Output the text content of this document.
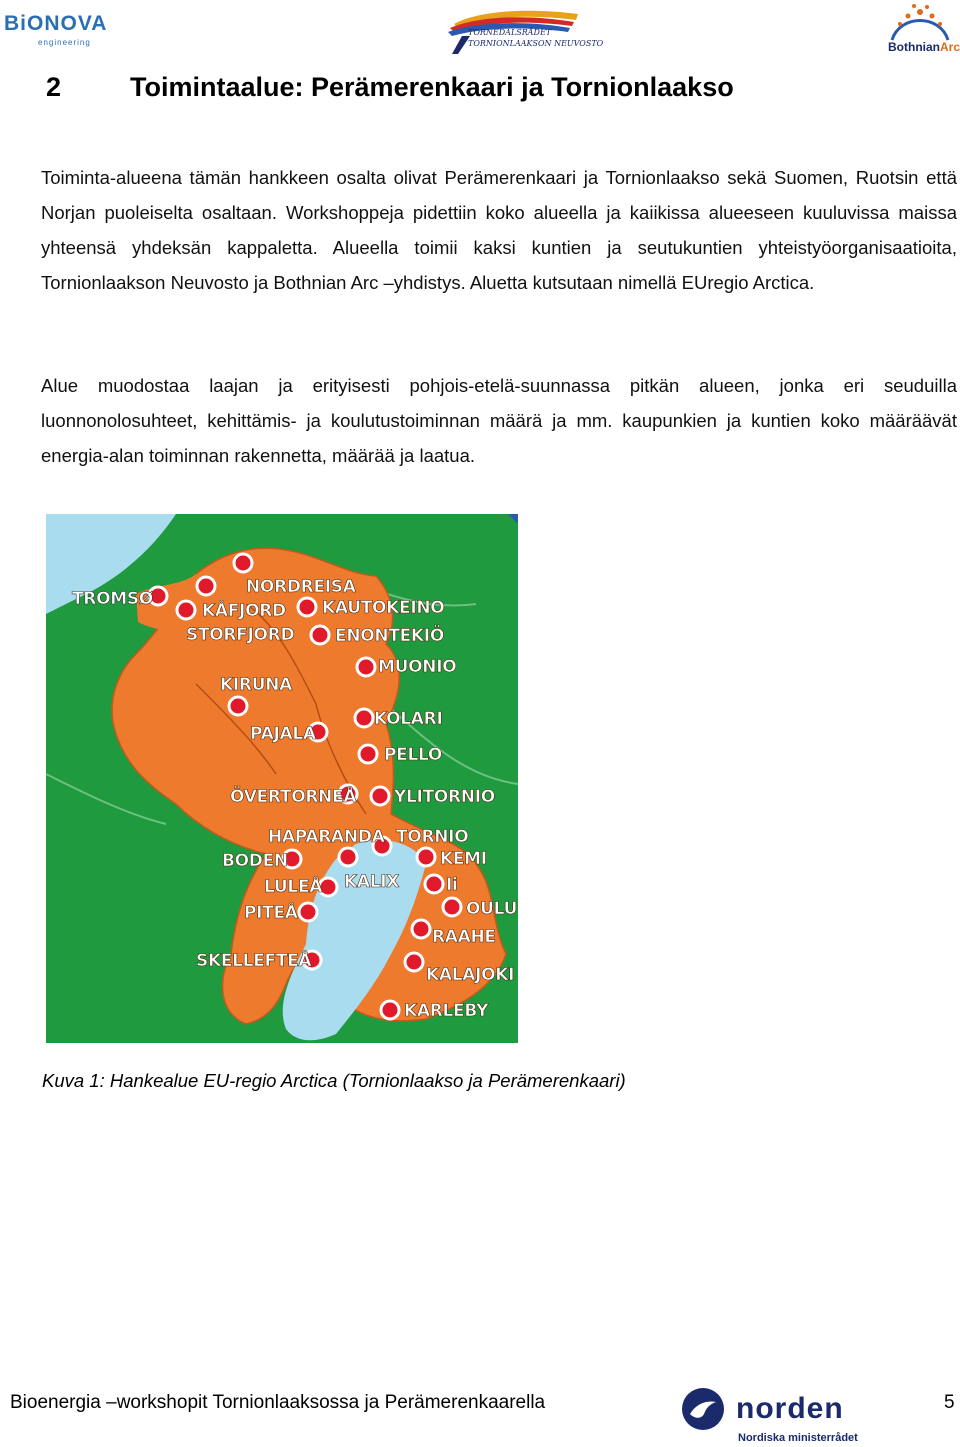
BiONOVA
engineering
TORNEDALSRÅDET
TORNIONLAAKSON NEUVOSTO	BothnianArc
2	Toimintaalue: Perämerenkaari ja Tornionlaakso

Toiminta-alueena tämän hankkeen osalta olivat Perämerenkaari ja Tornionlaakso sekä Suomen, Ruotsin että Norjan puoleiselta osaltaan. Workshoppeja pidettiin koko alueella ja kaiikissa alueeseen kuuluvissa maissa yhteensä yhdeksän kappaletta. Alueella toimii kaksi kuntien ja seutukuntien yhteistyöorganisaatioita, Tornionlaakson Neuvosto ja Bothnian Arc –yhdistys. Aluetta kutsutaan nimellä EUregio Arctica.

Alue muodostaa laajan ja erityisesti pohjois-etelä-suunnassa pitkän alueen, jonka eri seuduilla luonnonolosuhteet, kehittämis- ja koulutustoiminnan määrä ja mm. kaupunkien ja kuntien koko määräävät energia-alan toiminnan rakennetta, määrää ja laatua.

TROMSØ
NORDREISA
KÅFJORD KAUTOKEINO
STORFJORD ENONTEKIÖ
MUONIO
KIRUNA
KOLARI
PAJALA
PELLO
ÖVERTORNEÅ YLITORNIO
HAPARANDA TORNIO
BODEN	KEMI
KALIX
LULEÅ	Ii
OULU
PITEÅ
RAAHE
SKELLEFTEÅ
KALAJOKI
KARLEBY

Kuva 1: Hankealue EU-regio Arctica (Tornionlaakso ja Perämerenkaari)

Bioenergia –workshopit Tornionlaaksossa ja Perämerenkaarella	norden
Nordiska ministerrådet
5
